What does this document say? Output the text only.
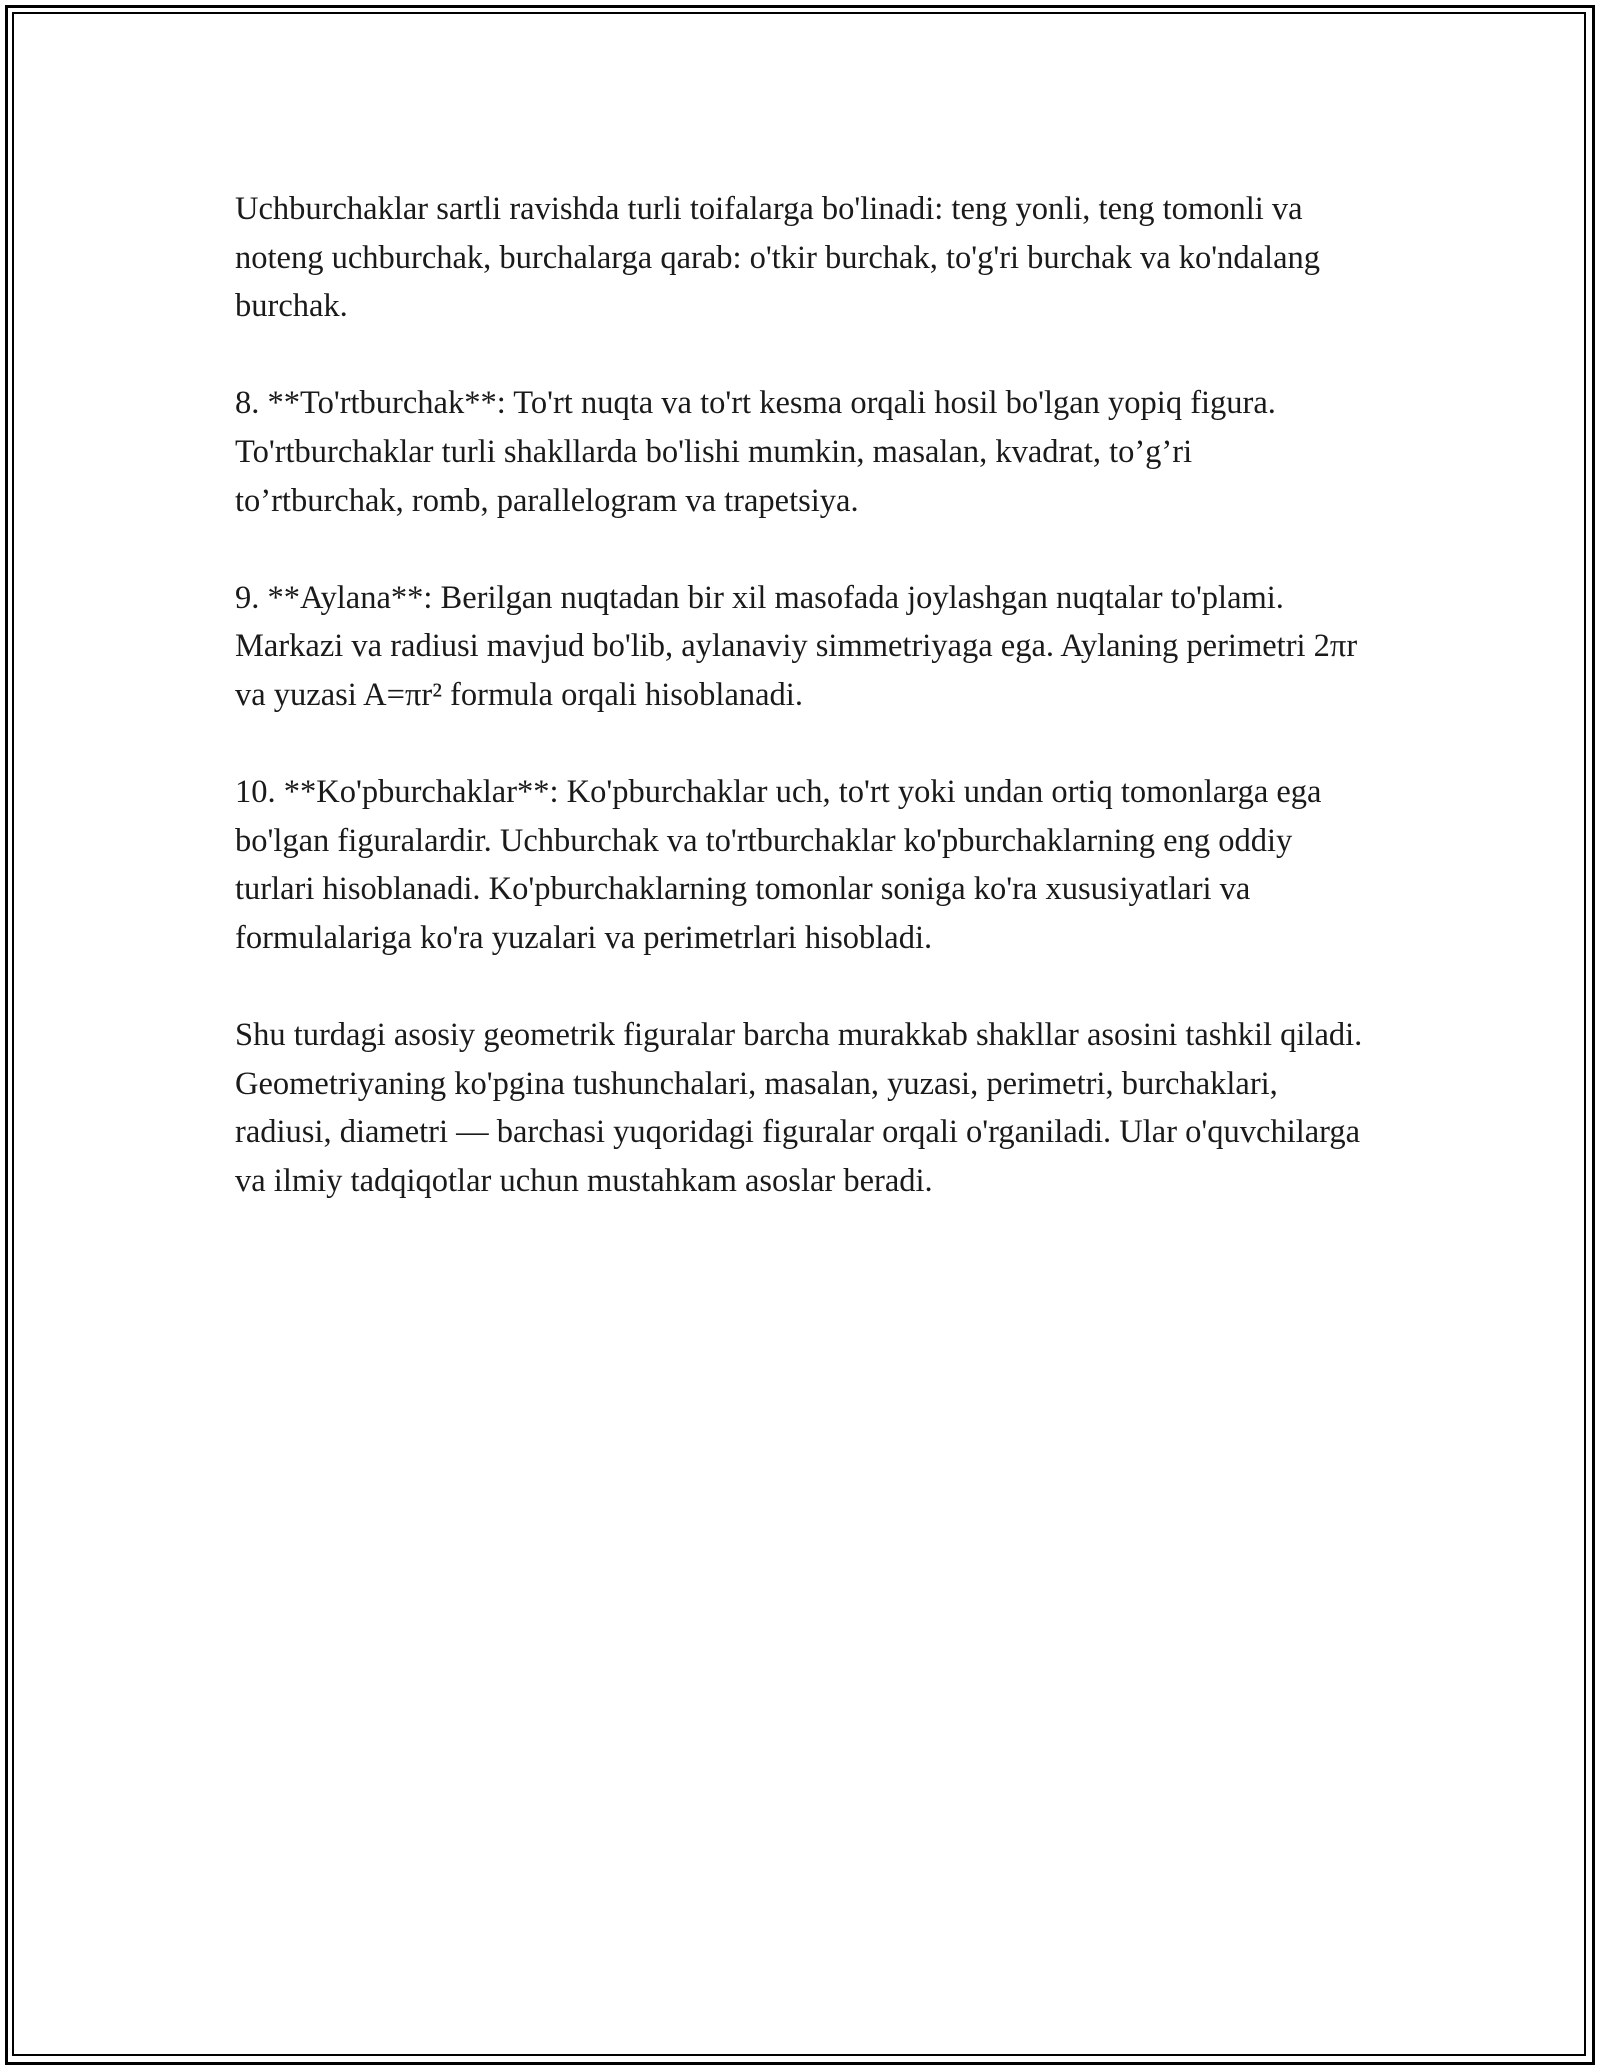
Uchburchaklar sartli ravishda turli toifalarga bo'linadi: teng yonli, teng tomonli va noteng uchburchak, burchalarga qarab: o'tkir burchak, to'g'ri burchak va ko'ndalang burchak.

8. **To'rtburchak**: To'rt nuqta va to'rt kesma orqali hosil bo'lgan yopiq figura. To'rtburchaklar turli shakllarda bo'lishi mumkin, masalan, kvadrat, to’g’ri to’rtburchak, romb, parallelogram va trapetsiya.

9. **Aylana**: Berilgan nuqtadan bir xil masofada joylashgan nuqtalar to'plami. Markazi va radiusi mavjud bo'lib, aylanaviy simmetriyaga ega. Aylaning perimetri 2πr va yuzasi A=πr² formula orqali hisoblanadi.

10. **Ko'pburchaklar**: Ko'pburchaklar uch, to'rt yoki undan ortiq tomonlarga ega bo'lgan figuralardir. Uchburchak va to'rtburchaklar ko'pburchaklarning eng oddiy turlari hisoblanadi. Ko'pburchaklarning tomonlar soniga ko'ra xususiyatlari va formulalariga ko'ra yuzalari va perimetrlari hisobladi.

Shu turdagi asosiy geometrik figuralar barcha murakkab shakllar asosini tashkil qiladi. Geometriyaning ko'pgina tushunchalari, masalan, yuzasi, perimetri, burchaklari, radiusi, diametri — barchasi yuqoridagi figuralar orqali o'rganiladi. Ular o'quvchilarga va ilmiy tadqiqotlar uchun mustahkam asoslar beradi.
